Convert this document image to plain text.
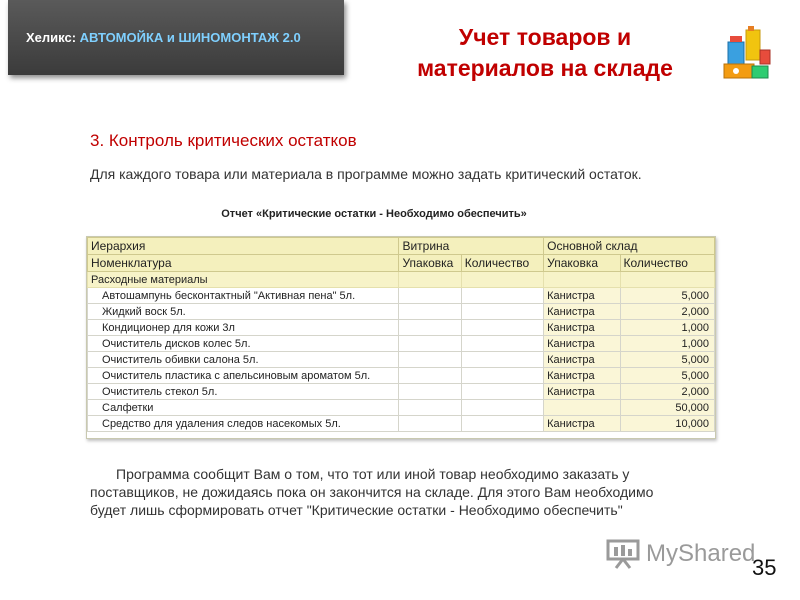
Хеликс:
АВТОМОЙКА и ШИНОМОНТАЖ 2.0	Учет товаров и
материалов на складе
3. Контроль критических остатков
Для каждого товара или материала в программе можно задать критический остаток.
Отчет «Критические остатки - Необходимо обеспечить»
Иерархия	Витрина		Основной склад	
Номенклатура	Упаковка	Количество	Упаковка	Количество
Расходные материалы				
Автошампунь бесконтактный "Активная пена" 5л.			Канистра	5,000
Жидкий воск 5л.			Канистра	2,000
Кондиционер для кожи 3л			Канистра	1,000
Очиститель дисков колес 5л.			Канистра	1,000
Очиститель обивки салона 5л.			Канистра	5,000
Очиститель пластика с апельсиновым ароматом 5л.			Канистра	5,000
Очиститель стекол 5л.			Канистра	2,000
Салфетки				50,000
Средство для удаления следов насекомых 5л.			Канистра	10,000

Программа сообщит Вам о том, что тот или иной товар необходимо заказать у
поставщиков, не дожидаясь пока он закончится на складе. Для этого Вам необходимо
будет лишь сформировать отчет "Критические остатки - Необходимо обеспечить"
MyShared
35
